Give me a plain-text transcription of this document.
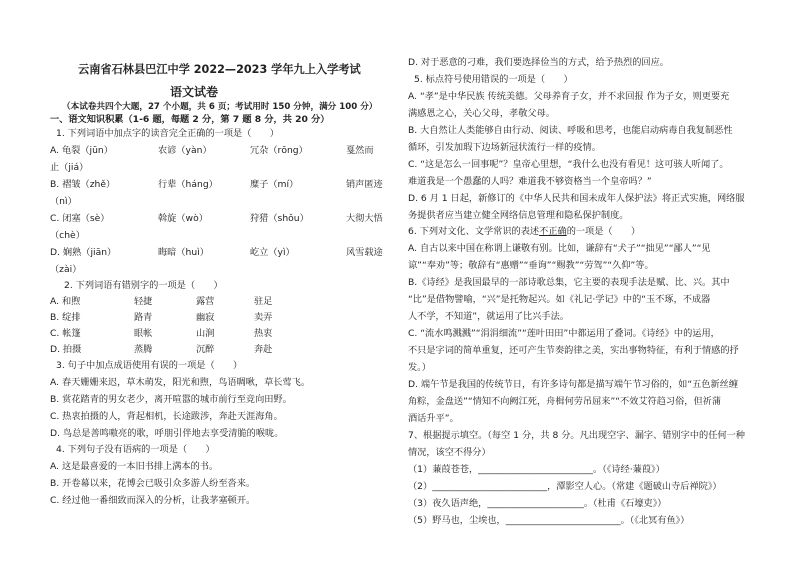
云南省石林县巴江中学 2022—2023 学年九上入学考试
语文试卷
（本试卷共四个大题，27 个小题，共 6 页；考试用时 150 分钟，满分 100 分）
一、语文知识积累（1-6 题，每题 2 分，第 7 题 8 分，共 20 分）
1. 下列词语中加点字的读音完全正确的一项是（　　）
A. 龟裂（jūn）	农谚（yàn）	冗杂（rōng）	戛然而
止（jiá）
B. 褶皱（zhě）	行辈（háng）	糜子（mí）	销声匿迹
（nì）
C. 闭塞（sè）	斡旋（wò）	狩猎（shǒu）	大彻大悟
（chè）
D. 娴熟（jiān）	晦暗（huì）	屹立（yì）	风雪载途
（zài）
2. 下列词语有错别字的一项是（　　）
A. 和煦	轻捷	露营	驻足
B. 绽排	路青	幽寂	卖弄
C. 帐篷	眼帐	山涧	热衷
D. 拍摄	蒸腾	沉醉	奔赴
3. 句子中加点成语使用有误的一项是（　　）
A. 春天姗姗来迟，草木萌发，阳光和煦，鸟语啁啾，草长莺飞。
B. 赏花踏青的男女老少，离开喧嚣的城市前行至竞向田野。
C. 热衷拍摄的人，背起相机，长途跋涉，奔赴天涯海角。
D. 鸟总是善鸣嗷亮的歌，呼朋引伴地去享受清脆的喉咙。
4. 下列句子没有语病的一项是（　　）
A. 这是最喜爱的一本旧书排上满本的书。
B. 开卷幕以来，花博会已吸引众多游人纷至沓来。
C. 经过他一番细致而深入的分析，让我茅塞顿开。
D. 对于恶意的刁难，我们要选择俭当的方式，给予热烈的回应。
5. 标点符号使用错误的一项是（　　）
A. “孝”是中华民族 传统美德。父母养育子女，并不求回报 作为子女，则更要充
满感恩之心，关心父母，孝敬父母。
B. 大自然让人类能够自由行动、阅读、呼吸和思考，也能启动病毒自我复制恶性
循环，引发加瑕下边场新冠状流行一样的疫情。
C. “这是怎么一回事呢”？皇帝心里想，“我什么也没有看见！这可骇人听闻了。
难道我是一个愚蠢的人吗？难道我不够资格当一个皇帝吗？”
D. 6 月 1 日起，新修订的《中华人民共和国未成年人保护法》将正式实施，网络服
务提供者应当建立健全网络信息管理和隐私保护制度。
6. 下列对文化、文学常识的表述不正确的一项是（　　）
A. 自古以来中国在称谓上谦敬有别。比如，谦辞有“犬子”“拙见”“鄙人”“见
谅”“奉劝”等；敬辞有“惠赠”“垂询”“赐教”“劳驾”“久仰”等。
B.《诗经》是我国最早的一部诗歌总集，它主要的表现手法是赋、比、兴。其中
“比”是借物譬喻，“兴”是托物起兴。如《礼记·学记》中的“玉不琢，不成器
人不学，不知道”，就运用了比兴手法。
C. “流水鸣溅溅”“涓涓细流”“莲叶田田”中都运用了叠词。《诗经》中的运用，
不只是字词的简单重复，还可产生节奏韵律之美，实出事物特征，有利于情感的抒
发。）
D. 端午节是我国的传统节日，有许多诗句都是描写端午节习俗的，如“五色新丝缠
角粽，金盘送”“情知不向阙江死，舟楫何劳吊屈来”“不效艾符趋习俗，但祈蒲
酒话升平”。
7、根据提示填空。（每空 1 分，共 8 分。凡出现空字、漏字、错别字中的任何一种
情况，该空不得分）
（1）蒹葭苍苍，_________________________。（《诗经·蒹葭》）
（2）_________________________，潭影空人心。（常建《题破山寺后禅院》）
（3）夜久语声绝，_____________________。（杜甫《石壕吏》）
（5）野马也，尘埃也，_________________________。（《北冥有鱼》）
